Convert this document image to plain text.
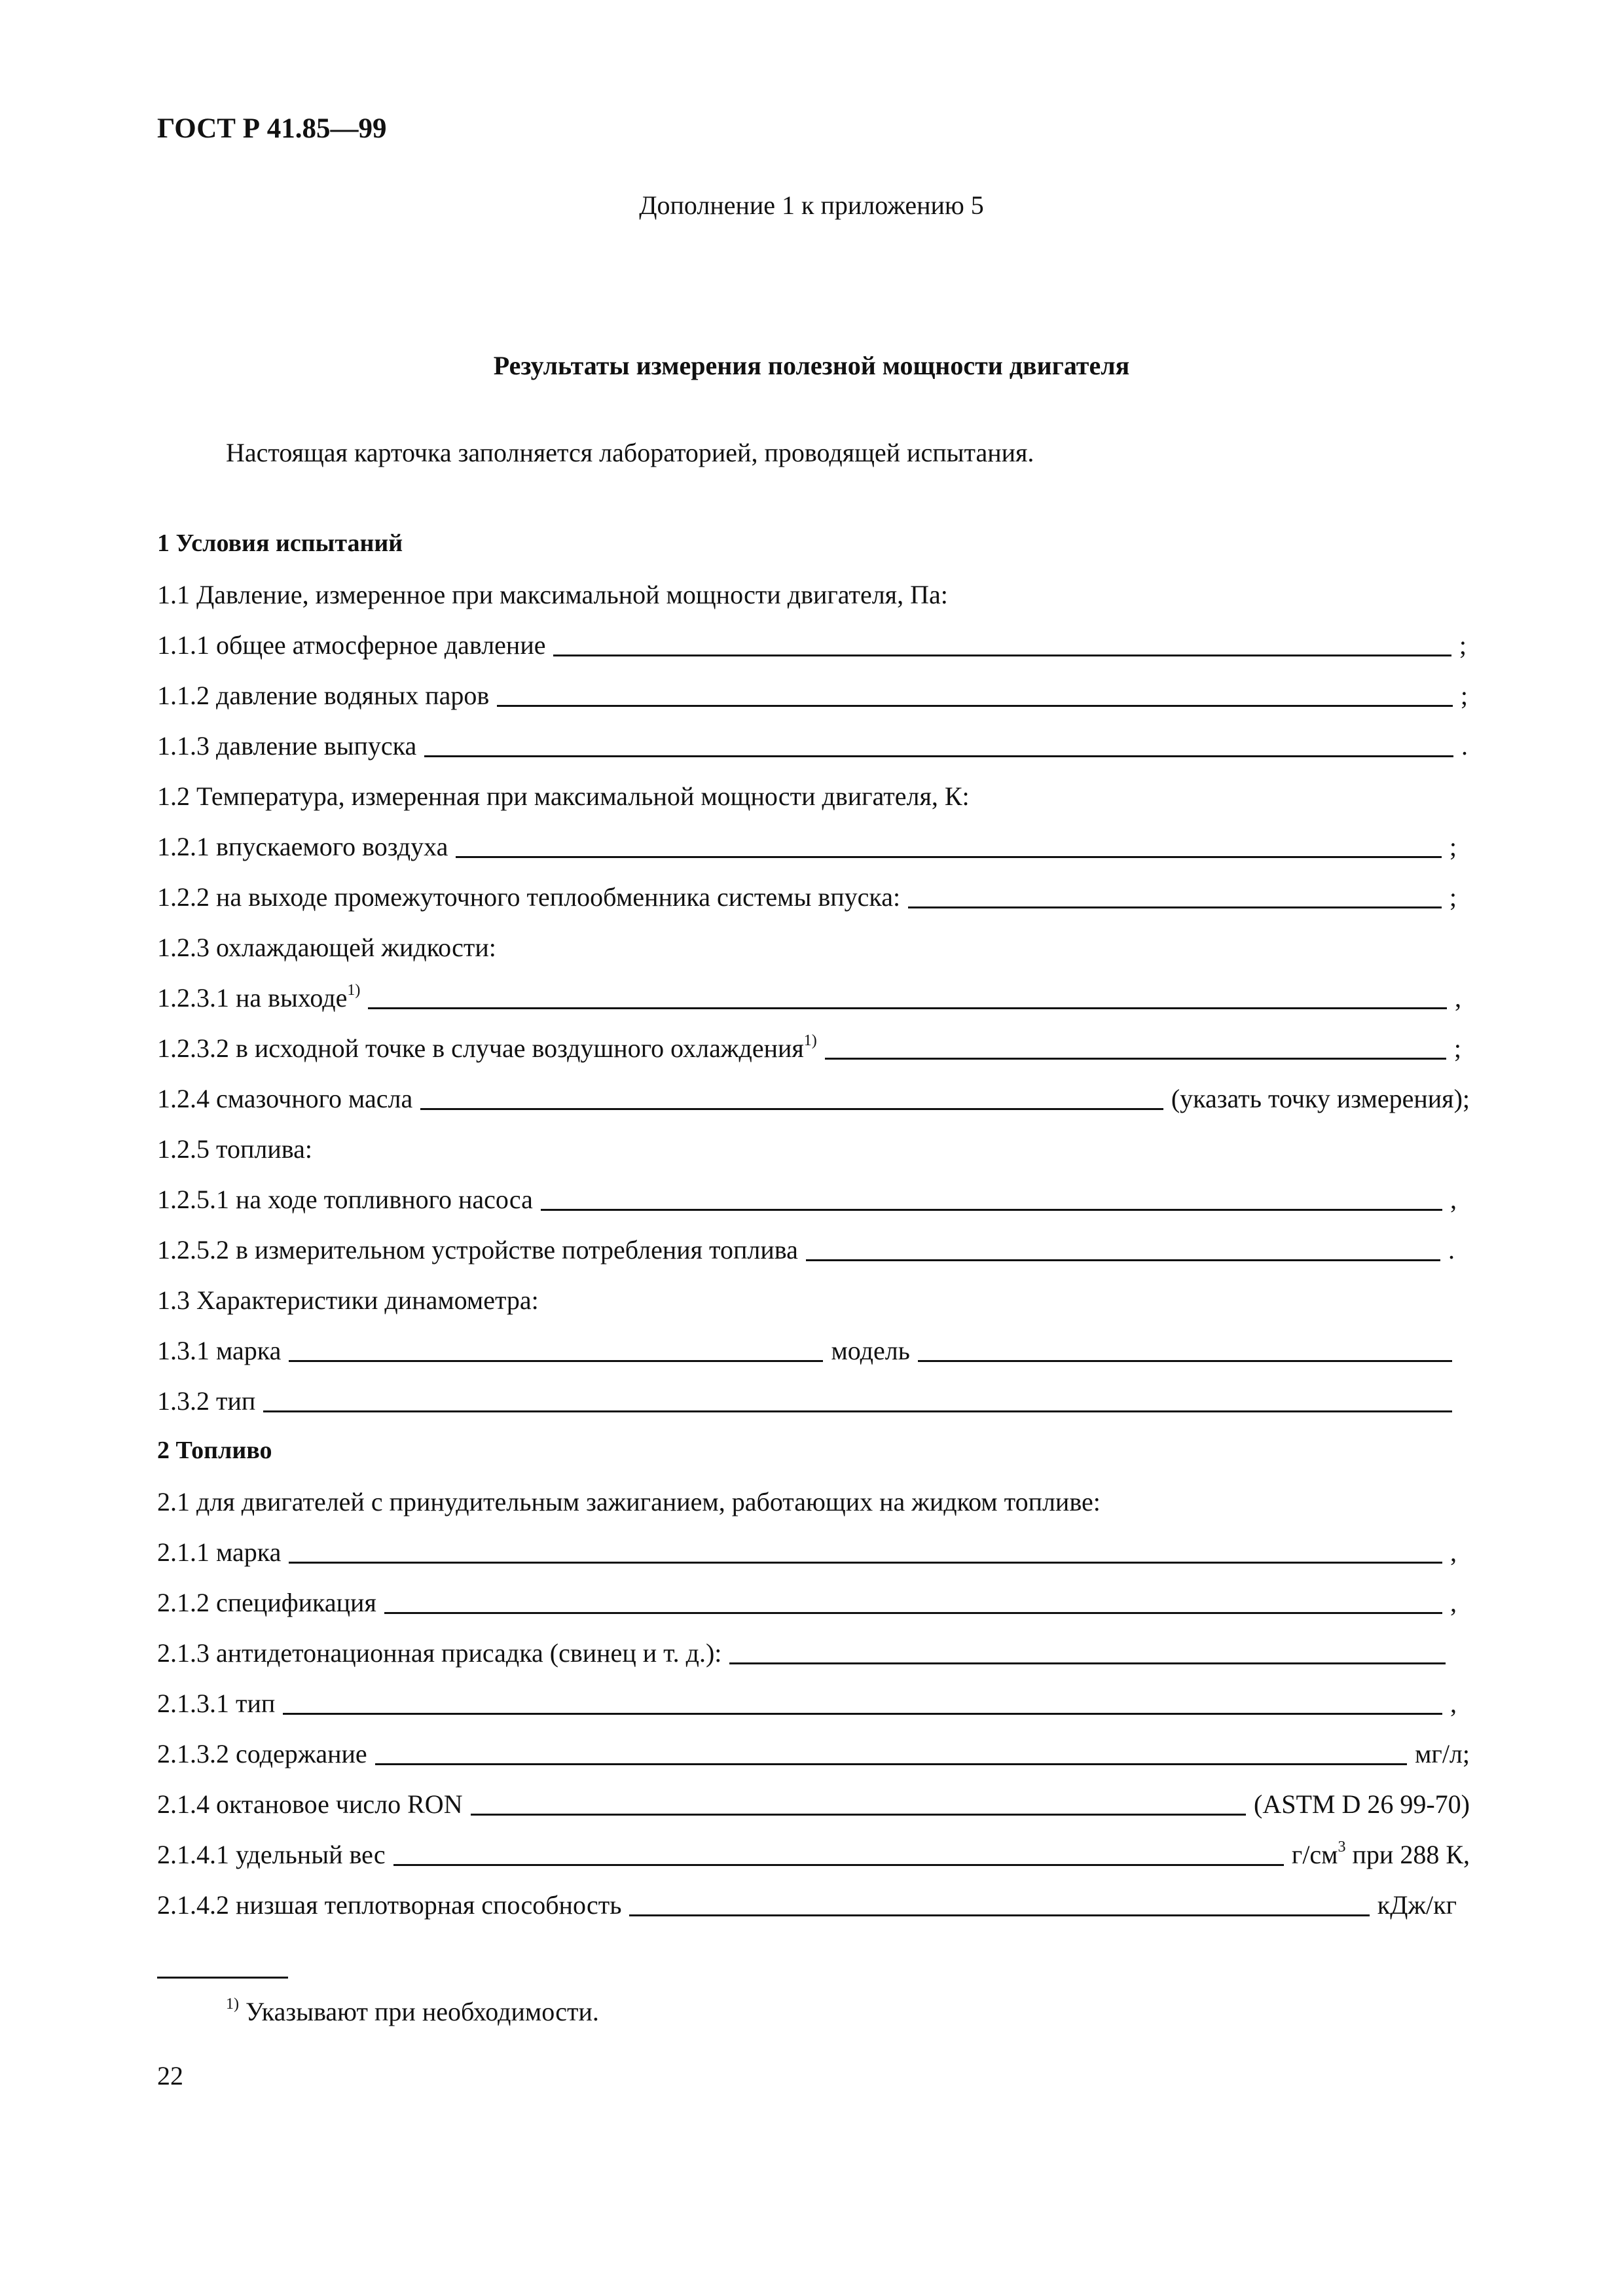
ГОСТ Р 41.85—99
Дополнение 1 к приложению 5
Результаты измерения полезной мощности двигателя
Настоящая карточка заполняется лабораторией, проводящей испытания.
1 Условия испытаний
1.1 Давление, измеренное при максимальной мощности двигателя, Па:
1.1.1 общее атмосферное давление	;
1.1.2 давление водяных паров	;
1.1.3 давление выпуска	.
1.2 Температура, измеренная при максимальной мощности двигателя, К:
1.2.1 впускаемого воздуха	;
1.2.2 на выходе промежуточного теплообменника системы впуска:	;
1.2.3 охлаждающей жидкости:
1.2.3.1 на выходе$^{1)}$	,
1.2.3.2 в исходной точке в случае воздушного охлаждения$^{1)}$	;
1.2.4 смазочного масла	(указать точку измерения);
1.2.5 топлива:
1.2.5.1 на ходе топливного насоса	,
1.2.5.2 в измерительном устройстве потребления топлива	.
1.3 Характеристики динамометра:
1.3.1 марка	модель
1.3.2 тип
2 Топливо
2.1 для двигателей с принудительным зажиганием, работающих на жидком топливе:
2.1.1 марка	,
2.1.2 спецификация	,
2.1.3 антидетонационная присадка (свинец и т. д.):
2.1.3.1 тип	,
2.1.3.2 содержание	мг/л;
2.1.4 октановое число RON	(ASTM D 26 99-70)
2.1.4.1 удельный вес	$г/см^3$ при 288 К,
2.1.4.2 низшая теплотворная способность	кДж/кг
$^{1)}$ Указывают при необходимости.
22
